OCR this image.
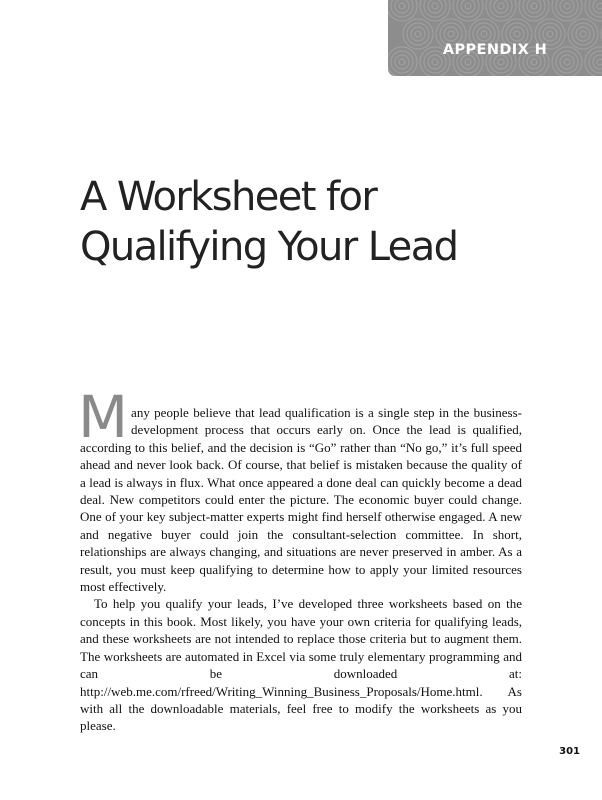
APPENDIX H
A Worksheet for
Qualifying Your Lead

Many people believe that lead qualification is a single step in the business-development process that occurs early on. Once the lead is qualified, according to this belief, and the decision is “Go” rather than “No go,” it’s full speed ahead and never look back. Of course, that belief is mistaken because the quality of a lead is always in flux. What once appeared a done deal can quickly become a dead deal. New competitors could enter the picture. The economic buyer could change. One of your key subject-matter experts might find herself otherwise engaged. A new and negative buyer could join the consultant-selection committee. In short, relationships are always changing, and situations are never preserved in amber. As a result, you must keep qualifying to determine how to apply your limited resources most effectively.

To help you qualify your leads, I’ve developed three worksheets based on the concepts in this book. Most likely, you have your own criteria for qualifying leads, and these worksheets are not intended to replace those criteria but to augment them. The worksheets are automated in Excel via some truly elementary programming and can be downloaded at: http://web.me.com/rfreed/Writing_Winning_Business_Proposals/Home.html. As with all the downloadable materials, feel free to modify the worksheets as you please.

301
